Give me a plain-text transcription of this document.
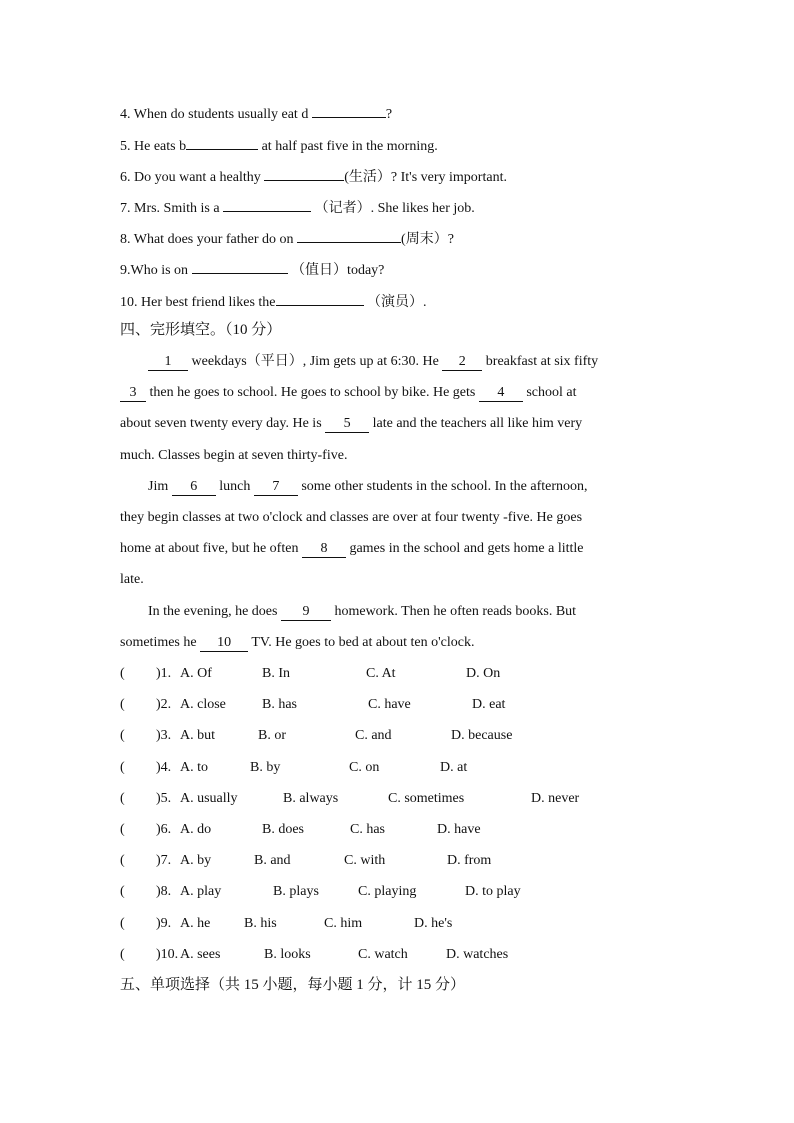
4. When do students usually eat d	?
5. He eats b	at half past five in the morning.
6. Do you want a healthy	(生活）? It's very important.
7. Mrs. Smith is a	（记者）. She likes her job.
8. What does your father do on	(周末）?
9.Who is on	（值日）today?
10. Her best friend likes the	（演员）.
四、完形填空。（10 分）
1 weekdays（平日）, Jim gets up at 6:30. He 2 breakfast at six fifty
3 then he goes to school. He goes to school by bike. He gets 4 school at
about seven twenty every day. He is 5 late and the teachers all like him very
much. Classes begin at seven thirty-five.
Jim 6 lunch 7 some other students in the school. In the afternoon,
they begin classes at two o'clock and classes are over at four twenty -five. He goes
home at about five, but he often 8 games in the school and gets home a little
late.
In the evening, he does 9 homework. Then he often reads books. But
sometimes he 10 TV. He goes to bed at about ten o'clock.
( )1. A. Of	B. In	C. At	D. On
( )2. A. close	B. has	C. have	D. eat
( )3. A. but	B. or	C. and	D. because
( )4. A. to	B. by	C. on	D. at
( )5. A. usually	B. always	C. sometimes	D. never
( )6. A. do	B. does	C. has	D. have
( )7. A. by	B. and	C. with	D. from
( )8. A. play	B. plays	C. playing	D. to play
( )9. A. he B. his	C. him	D. he's
( )10. A. sees	B. looks	C. watch	D. watches
五、单项选择（共 15 小题，每小题 1 分，计 15 分）
